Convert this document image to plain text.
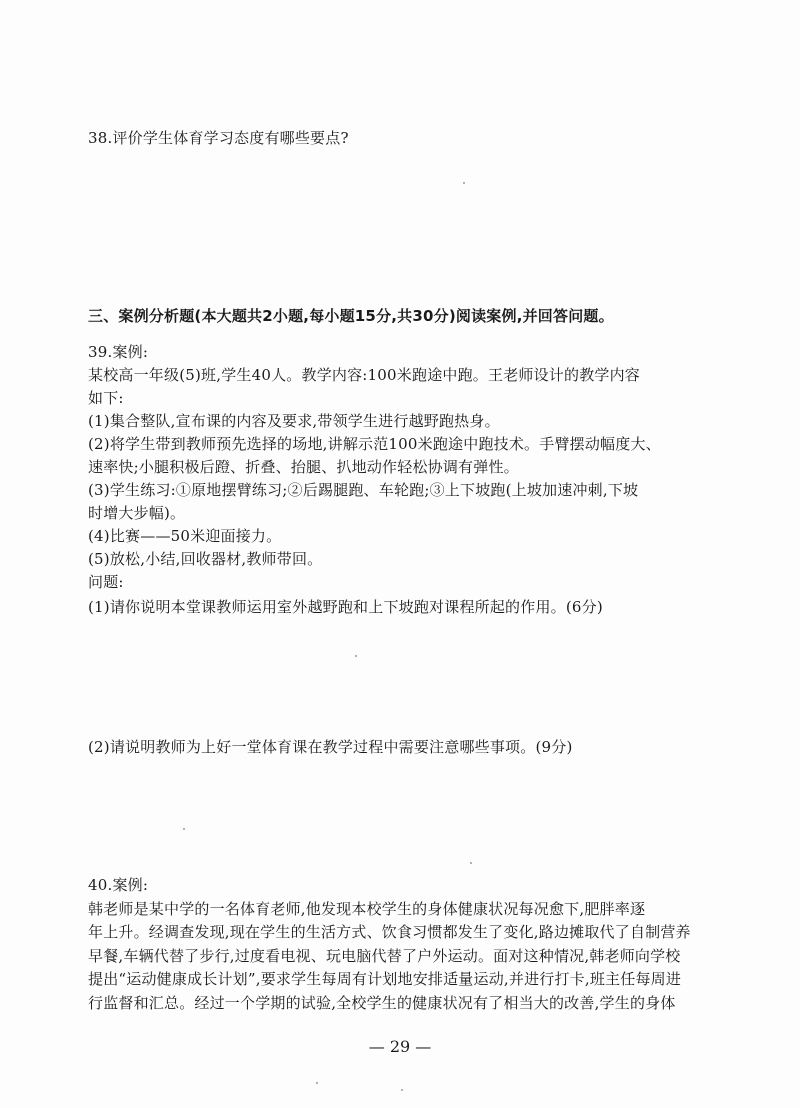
38.评价学生体育学习态度有哪些要点?
三、案例分析题(本大题共2小题,每小题15分,共30分)阅读案例,并回答问题。
39.案例:
某校高一年级(5)班,学生40人。教学内容:100米跑途中跑。王老师设计的教学内容
如下:
(1)集合整队,宣布课的内容及要求,带领学生进行越野跑热身。
(2)将学生带到教师预先选择的场地,讲解示范100米跑途中跑技术。手臂摆动幅度大、
速率快;小腿积极后蹬、折叠、抬腿、扒地动作轻松协调有弹性。
(3)学生练习:①原地摆臂练习;②后踢腿跑、车轮跑;③上下坡跑(上坡加速冲刺,下坡
时增大步幅)。
(4)比赛——50米迎面接力。
(5)放松,小结,回收器材,教师带回。
问题:
(1)请你说明本堂课教师运用室外越野跑和上下坡跑对课程所起的作用。(6分)
(2)请说明教师为上好一堂体育课在教学过程中需要注意哪些事项。(9分)
40.案例:
韩老师是某中学的一名体育老师,他发现本校学生的身体健康状况每况愈下,肥胖率逐
年上升。经调查发现,现在学生的生活方式、饮食习惯都发生了变化,路边摊取代了自制营养
早餐,车辆代替了步行,过度看电视、玩电脑代替了户外运动。面对这种情况,韩老师向学校
提出“运动健康成长计划”,要求学生每周有计划地安排适量运动,并进行打卡,班主任每周进
行监督和汇总。经过一个学期的试验,全校学生的健康状况有了相当大的改善,学生的身体
— 29 —
